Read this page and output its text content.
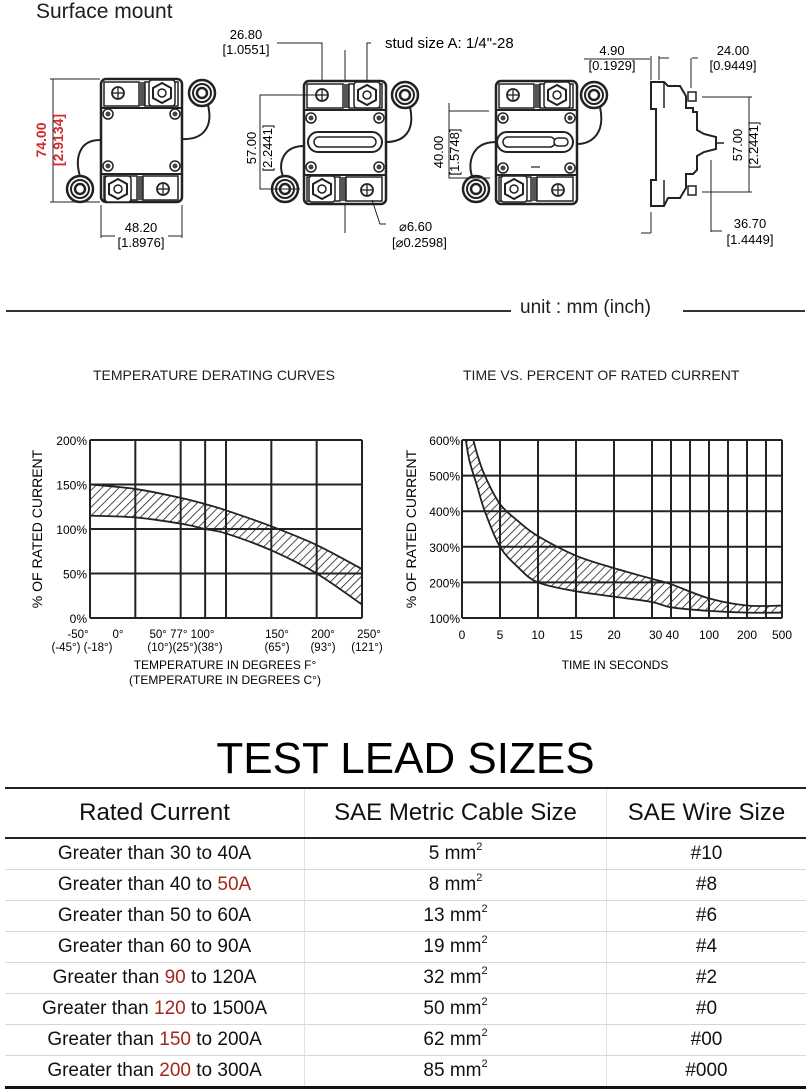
Surface mount
74.00 [2.9134]
48.20
[1.8976]
26.80
[1.0551]	stud size A: 1/4"-28
57.00 [2.2441]
⌀6.60
[⌀0.2598]
40.00 [1.5748]
4.90
[0.1929]
24.00
[0.9449]
57.00 [2.2441]
36.70
[1.4449]
unit : mm (inch)
TEMPERATURE DERATING CURVES	TIME VS. PERCENT OF RATED CURRENT
0%
50%
100%
150%
200%
-50° 0° 50° 77° 100°	150° 200° 250°
(-45°) (-18°)	(10°)(25°)(38°)	(65°) (93°) (121°)
TEMPERATURE IN DEGREES F°
(TEMPERATURE IN DEGREES C°)
% OF RATED CURRENT
100%
200%
300%
400%
500%
600%
0	5 10 15 20 30 40 100 200 500
TIME IN SECONDS
% OF RATED CURRENT
TEST LEAD SIZES
Rated Current	SAE Metric Cable Size	SAE Wire Size
Greater than 30 to 40A	5 $mm^2$	#10
Greater than 40 to 50A	8 $mm^2$	#8
Greater than 50 to 60A	13 $mm^2$	#6
Greater than 60 to 90A	19 $mm^2$	#4
Greater than 90 to 120A	32 $mm^2$	#2
Greater than 120 to 1500A	50 $mm^2$	#0
Greater than 150 to 200A	62 $mm^2$	#00
Greater than 200 to 300A	85 $mm^2$	#000
